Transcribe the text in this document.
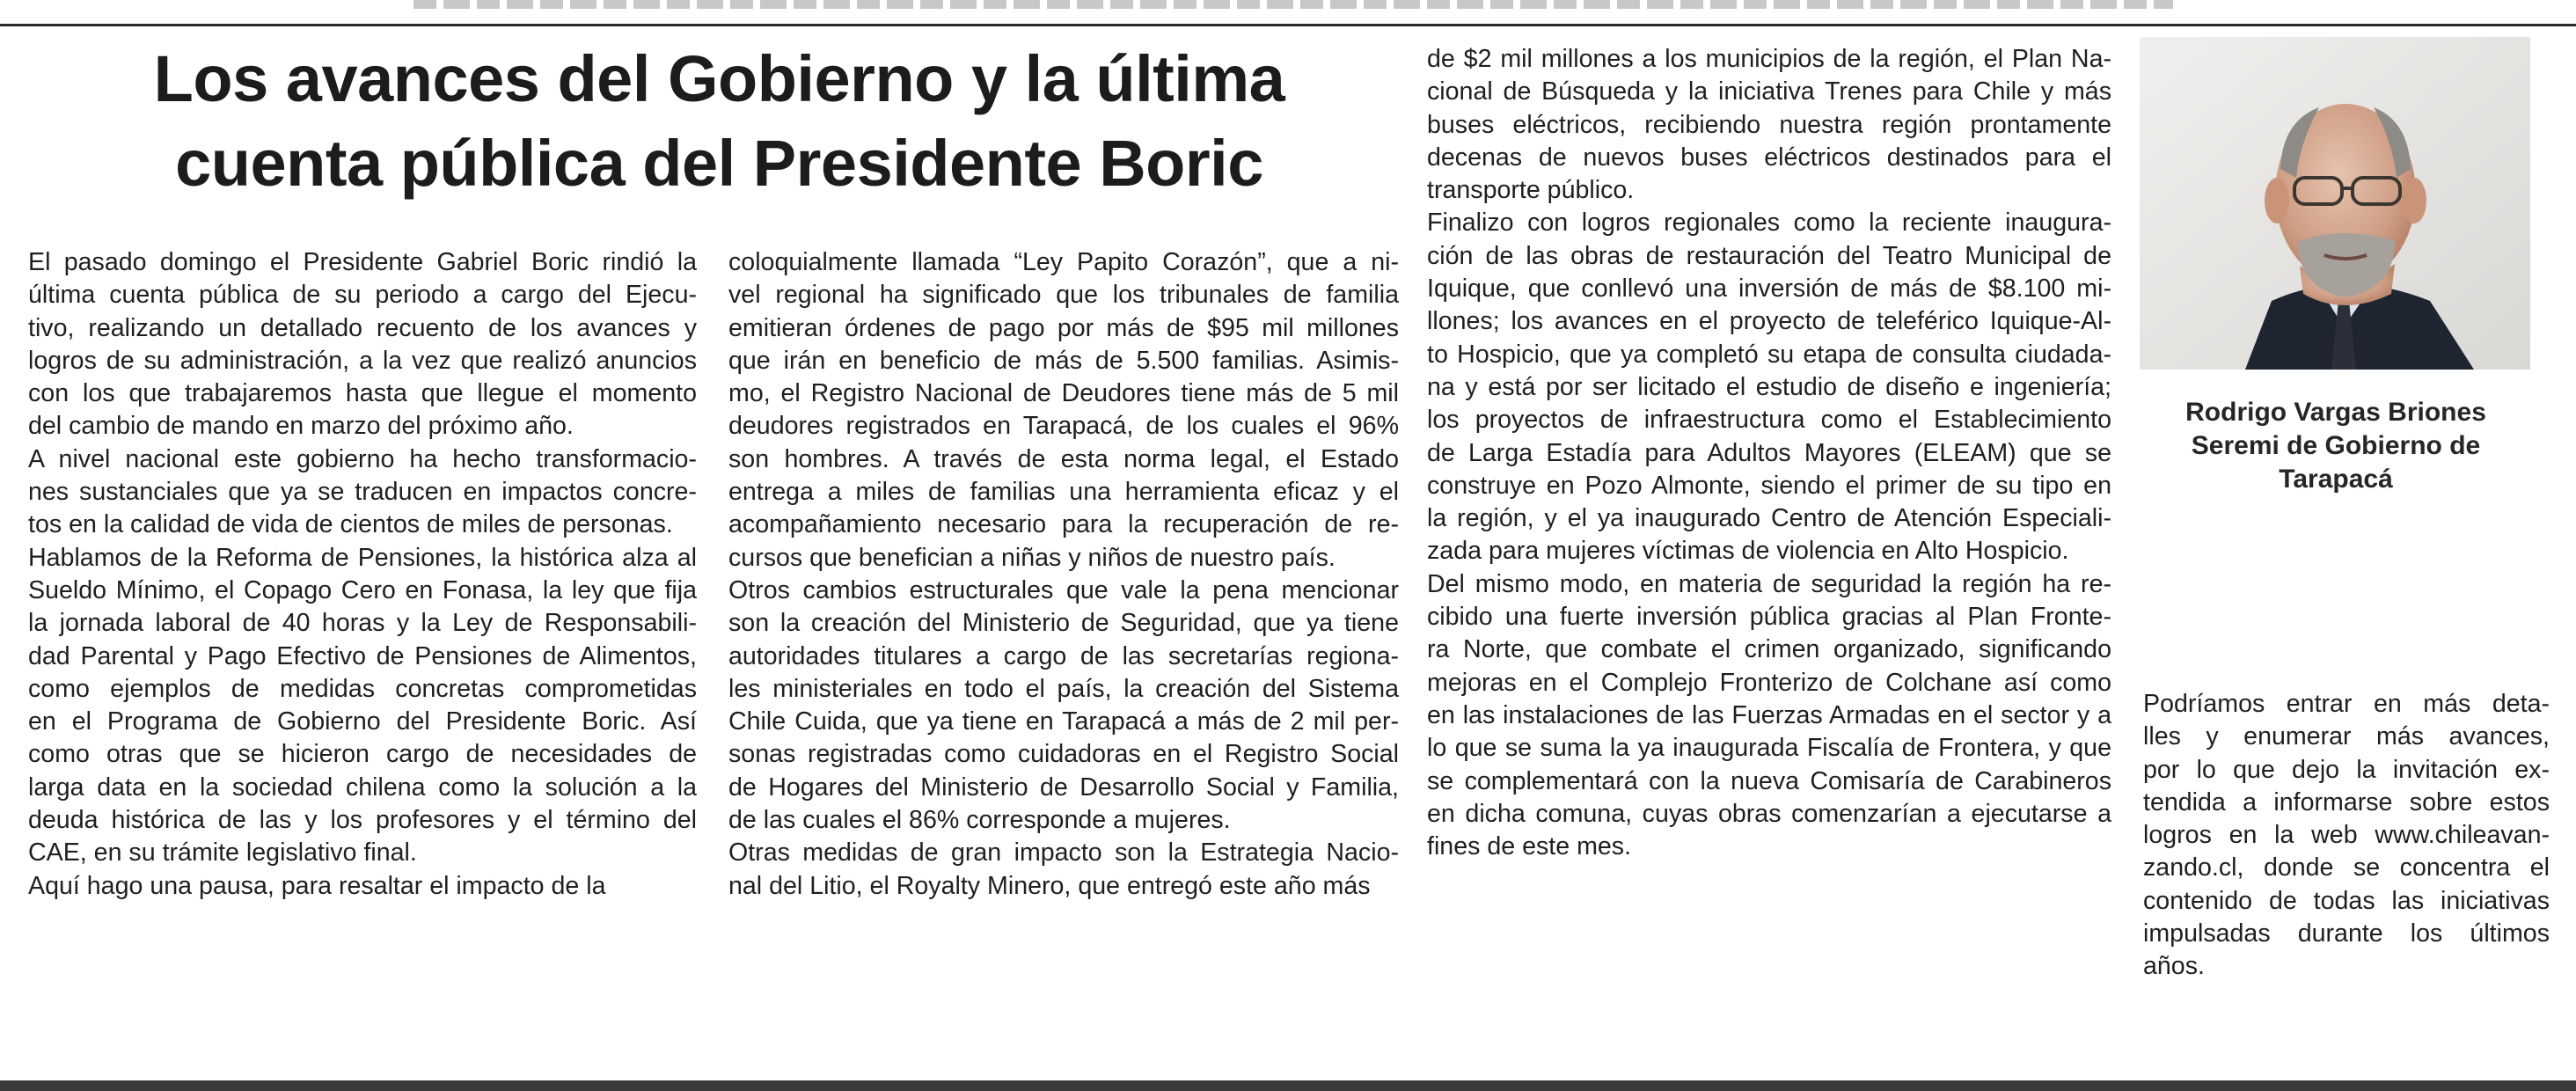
Los avances del Gobierno y la última
cuenta pública del Presidente Boric

El pasado domingo el Presidente Gabriel Boric rindió la

última cuenta pública de su periodo a cargo del Ejecu-

tivo, realizando un detallado recuento de los avances y

logros de su administración, a la vez que realizó anuncios

con los que trabajaremos hasta que llegue el momento

del cambio de mando en marzo del próximo año.

A nivel nacional este gobierno ha hecho transformacio-

nes sustanciales que ya se traducen en impactos concre-

tos en la calidad de vida de cientos de miles de personas.

Hablamos de la Reforma de Pensiones, la histórica alza al

Sueldo Mínimo, el Copago Cero en Fonasa, la ley que fija

la jornada laboral de 40 horas y la Ley de Responsabili-

dad Parental y Pago Efectivo de Pensiones de Alimentos,

como ejemplos de medidas concretas comprometidas

en el Programa de Gobierno del Presidente Boric. Así

como otras que se hicieron cargo de necesidades de

larga data en la sociedad chilena como la solución a la

deuda histórica de las y los profesores y el término del

CAE, en su trámite legislativo final.

Aquí hago una pausa, para resaltar el impacto de la

coloquialmente llamada “Ley Papito Corazón”, que a ni-

vel regional ha significado que los tribunales de familia

emitieran órdenes de pago por más de $95 mil millones

que irán en beneficio de más de 5.500 familias. Asimis-

mo, el Registro Nacional de Deudores tiene más de 5 mil

deudores registrados en Tarapacá, de los cuales el 96%

son hombres. A través de esta norma legal, el Estado

entrega a miles de familias una herramienta eficaz y el

acompañamiento necesario para la recuperación de re-

cursos que benefician a niñas y niños de nuestro país.

Otros cambios estructurales que vale la pena mencionar

son la creación del Ministerio de Seguridad, que ya tiene

autoridades titulares a cargo de las secretarías regiona-

les ministeriales en todo el país, la creación del Sistema

Chile Cuida, que ya tiene en Tarapacá a más de 2 mil per-

sonas registradas como cuidadoras en el Registro Social

de Hogares del Ministerio de Desarrollo Social y Familia,

de las cuales el 86% corresponde a mujeres.

Otras medidas de gran impacto son la Estrategia Nacio-

nal del Litio, el Royalty Minero, que entregó este año más

de $2 mil millones a los municipios de la región, el Plan Na-

cional de Búsqueda y la iniciativa Trenes para Chile y más

buses eléctricos, recibiendo nuestra región prontamente

decenas de nuevos buses eléctricos destinados para el

transporte público.

Finalizo con logros regionales como la reciente inaugura-

ción de las obras de restauración del Teatro Municipal de

Iquique, que conllevó una inversión de más de $8.100 mi-

llones; los avances en el proyecto de teleférico Iquique-Al-

to Hospicio, que ya completó su etapa de consulta ciudada-

na y está por ser licitado el estudio de diseño e ingeniería;

los proyectos de infraestructura como el Establecimiento

de Larga Estadía para Adultos Mayores (ELEAM) que se

construye en Pozo Almonte, siendo el primer de su tipo en

la región, y el ya inaugurado Centro de Atención Especiali-

zada para mujeres víctimas de violencia en Alto Hospicio.

Del mismo modo, en materia de seguridad la región ha re-

cibido una fuerte inversión pública gracias al Plan Fronte-

ra Norte, que combate el crimen organizado, significando

mejoras en el Complejo Fronterizo de Colchane así como

en las instalaciones de las Fuerzas Armadas en el sector y a

lo que se suma la ya inaugurada Fiscalía de Frontera, y que

se complementará con la nueva Comisaría de Carabineros

en dicha comuna, cuyas obras comenzarían a ejecutarse a

fines de este mes.

Podríamos entrar en más deta-

lles y enumerar más avances,

por lo que dejo la invitación ex-

tendida a informarse sobre estos

logros en la web www.chileavan-

zando.cl, donde se concentra el

contenido de todas las iniciativas

impulsadas durante los últimos

años.

Rodrigo Vargas Briones
Seremi de Gobierno de
Tarapacá
